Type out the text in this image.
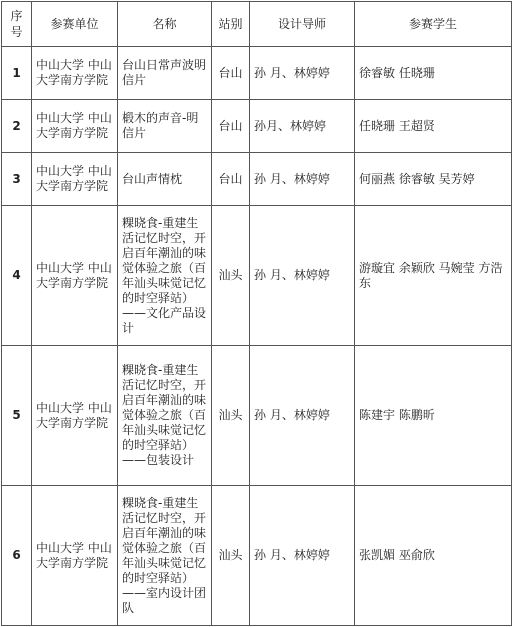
序号	参赛单位	名称	站别	设计导师	参赛学生
1	中山大学 中山大学南方学院	台山日常声波明信片	台山	孙 月、林婷婷	徐睿敏 任晓珊
2	中山大学 中山大学南方学院	椴木的声音-明信片	台山	孙月、林婷婷	任晓珊 王超贤
3	中山大学 中山大学南方学院	台山声情枕	台山	孙 月、林婷婷	何丽燕 徐睿敏 吴芳婷
4	中山大学 中山大学南方学院	粿晓食-重建生活记忆时空，开启百年潮汕的味觉体验之旅（百年汕头味觉记忆的时空驿站）——文化产品设计	汕头	孙 月、林婷婷	游璇宜 余颖欣 马婉莹 方浩东
5	中山大学 中山大学南方学院	粿晓食-重建生活记忆时空，开启百年潮汕的味觉体验之旅（百年汕头味觉记忆的时空驿站）——包装设计	汕头	孙 月、林婷婷	陈建宇 陈鹏昕
6	中山大学 中山大学南方学院	粿晓食-重建生活记忆时空，开启百年潮汕的味觉体验之旅（百年汕头味觉记忆的时空驿站）——室内设计团队	汕头	孙 月、林婷婷	张凯媚 巫俞欣
